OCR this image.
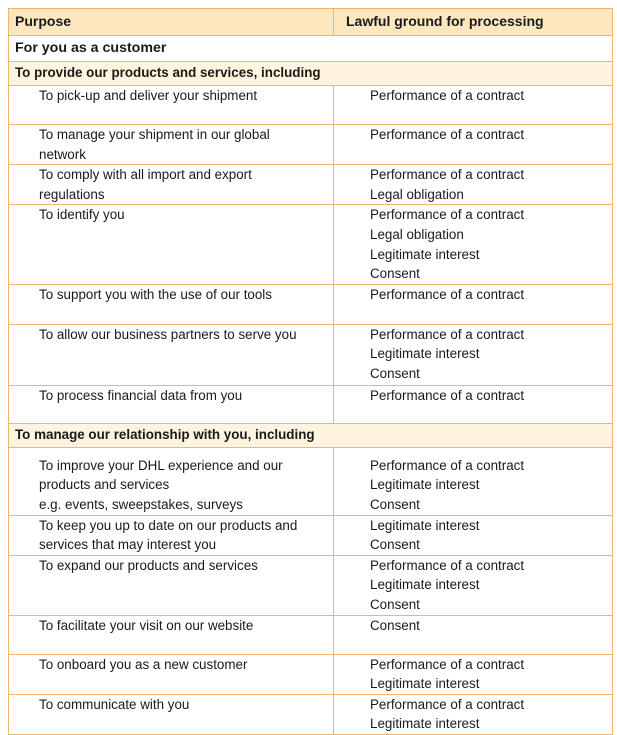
Purpose	Lawful ground for processing

For you as a customer	

To provide our products and services, including	

To pick-up and deliver your shipment	Performance of a contract

To manage your shipment in our global
network	Performance of a contract

To comply with all import and export
regulations	Performance of a contract
Legal obligation

To identify you	Performance of a contract
Legal obligation
Legitimate interest
Consent

To support you with the use of our tools	Performance of a contract

To allow our business partners to serve you	Performance of a contract
Legitimate interest
Consent

To process financial data from you	Performance of a contract

To manage our relationship with you, including	

To improve your DHL experience and our
products and services
e.g. events, sweepstakes, surveys	Performance of a contract
Legitimate interest
Consent

To keep you up to date on our products and
services that may interest you	Legitimate interest
Consent

To expand our products and services	Performance of a contract
Legitimate interest
Consent

To facilitate your visit on our website	Consent

To onboard you as a new customer	Performance of a contract
Legitimate interest

To communicate with you	Performance of a contract
Legitimate interest
